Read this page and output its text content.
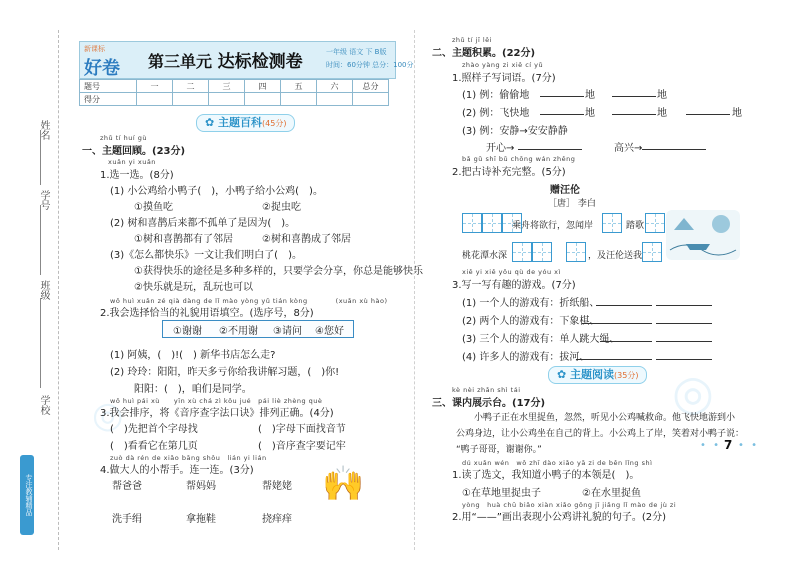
姓名
学号
班级
学校
专注教辅精品
新课标
好卷	第三单元 达标检测卷	一年级 语文 下 B版
时间：60分钟 总分：100分
题号	一	二	三	四	五	六	总分
得分							
◎	◎
✿ 主题百科(45分)
zhǔ tí huí gù
一、主题回顾。(23分)
xuǎn yi xuǎn
1.选一选。(8分)
(1) 小公鸡给小鸭子(　)，小鸭子给小公鸡(　)。
①摸鱼吃	②捉虫吃
(2) 树和喜鹊后来都不孤单了是因为(　)。
①树和喜鹊都有了邻居	②树和喜鹊成了邻居
(3)《怎么都快乐》一文让我们明白了(　)。
①获得快乐的途径是多种多样的，只要学会分享，你总是能够快乐
②快乐就是玩，乱玩也可以
wǒ huì xuǎn zé qià dàng de lǐ mào yòng yǔ tián kòng　　　　(xuǎn xù hào)
2.我会选择恰当的礼貌用语填空。(选序号，8分)
①谢谢 ②不用谢 ③请问 ④您好
(1) 阿姨，(　)!(　) 新华书店怎么走?
(2) 玲玲：阳阳，昨天多亏你给我讲解习题，(　)你!
阳阳：(　)，咱们是同学。
wǒ huì pái xù　　yīn xù chá zì kǒu jué　pái liè zhèng què
3.我会排序，将《音序查字法口诀》排列正确。(4分)
(　)先把首个字母找	(　)字母下面找音节
(　)看看它在第几页	(　)音序查字要记牢
zuò dà rén de xiǎo bāng shǒu　lián yi lián
4.做大人的小帮手。连一连。(3分)
帮爸爸	帮妈妈	帮姥姥 🙌
洗手绢	拿拖鞋	挠痒痒
zhǔ tí jī lěi
二、主题积累。(22分)
zhào yàng zi xiě cí yǔ
1.照样子写词语。(7分)
(1) 例：偷偷地	地	地
(2) 例：飞快地	地	地	地
(3) 例：安静→安安静静
开心→	高兴→
bǎ gǔ shī bǔ chōng wán zhěng
2.把古诗补充完整。(5分)
赠汪伦
［唐］ 李白
乘舟将欲行，忽闻岸	踏歌
桃花潭水深	，及汪伦送我
xiě yi xiě yǒu qù de yóu xì
3.写一写有趣的游戏。(7分)
(1) 一个人的游戏有：折纸船、
(2) 两个人的游戏有：下象棋、
(3) 三个人的游戏有：单人跳大绳、
(4) 许多人的游戏有：拔河、
✿ 主题阅读(35分)
kè nèi zhǎn shì tái
三、课内展示台。(17分)
小鸭子正在水里捉鱼，忽然，听见小公鸡喊救命。他飞快地游到小
公鸡身边，让小公鸡坐在自己的背上。小公鸡上了岸，笑着对小鸭子说：
“鸭子哥哥，谢谢你。”	7
• • • •
dú xuǎn wén　wǒ zhī dào xiǎo yā zi de běn lǐng shì
1.读了选文，我知道小鸭子的本领是(　)。
①在草地里捉虫子	②在水里捉鱼
yòng　huà chū biǎo xiàn xiǎo gōng jī jiǎng lǐ mào de jù zi
2.用“——”画出表现小公鸡讲礼貌的句子。(2分)
